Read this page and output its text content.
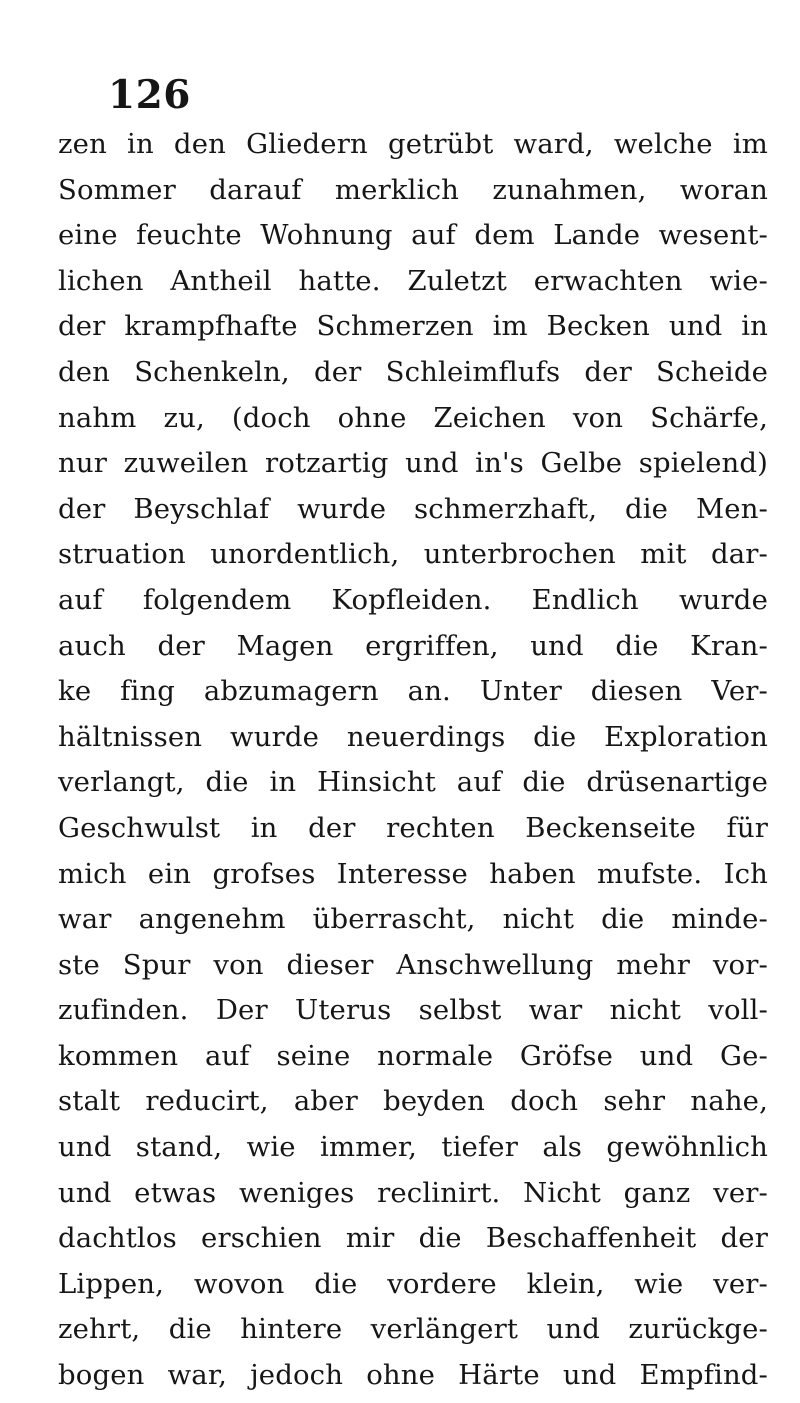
126
zen in den Gliedern getrübt ward, welche im
Sommer darauf merklich zunahmen, woran
eine feuchte Wohnung auf dem Lande wesent-
lichen Antheil hatte. Zuletzt erwachten wie-
der krampfhafte Schmerzen im Becken und in
den Schenkeln, der Schleimflufs der Scheide
nahm zu, (doch ohne Zeichen von Schärfe,
nur zuweilen rotzartig und in's Gelbe spielend)
der Beyschlaf wurde schmerzhaft, die Men-
struation unordentlich, unterbrochen mit dar-
auf folgendem Kopfleiden. Endlich wurde
auch der Magen ergriffen, und die Kran-
ke fing abzumagern an. Unter diesen Ver-
hältnissen wurde neuerdings die Exploration
verlangt, die in Hinsicht auf die drüsenartige
Geschwulst in der rechten Beckenseite für
mich ein grofses Interesse haben mufste. Ich
war angenehm überrascht, nicht die minde-
ste Spur von dieser Anschwellung mehr vor-
zufinden. Der Uterus selbst war nicht voll-
kommen auf seine normale Gröfse und Ge-
stalt reducirt, aber beyden doch sehr nahe,
und stand, wie immer, tiefer als gewöhnlich
und etwas weniges reclinirt. Nicht ganz ver-
dachtlos erschien mir die Beschaffenheit der
Lippen, wovon die vordere klein, wie ver-
zehrt, die hintere verlängert und zurückge-
bogen war, jedoch ohne Härte und Empfind-
